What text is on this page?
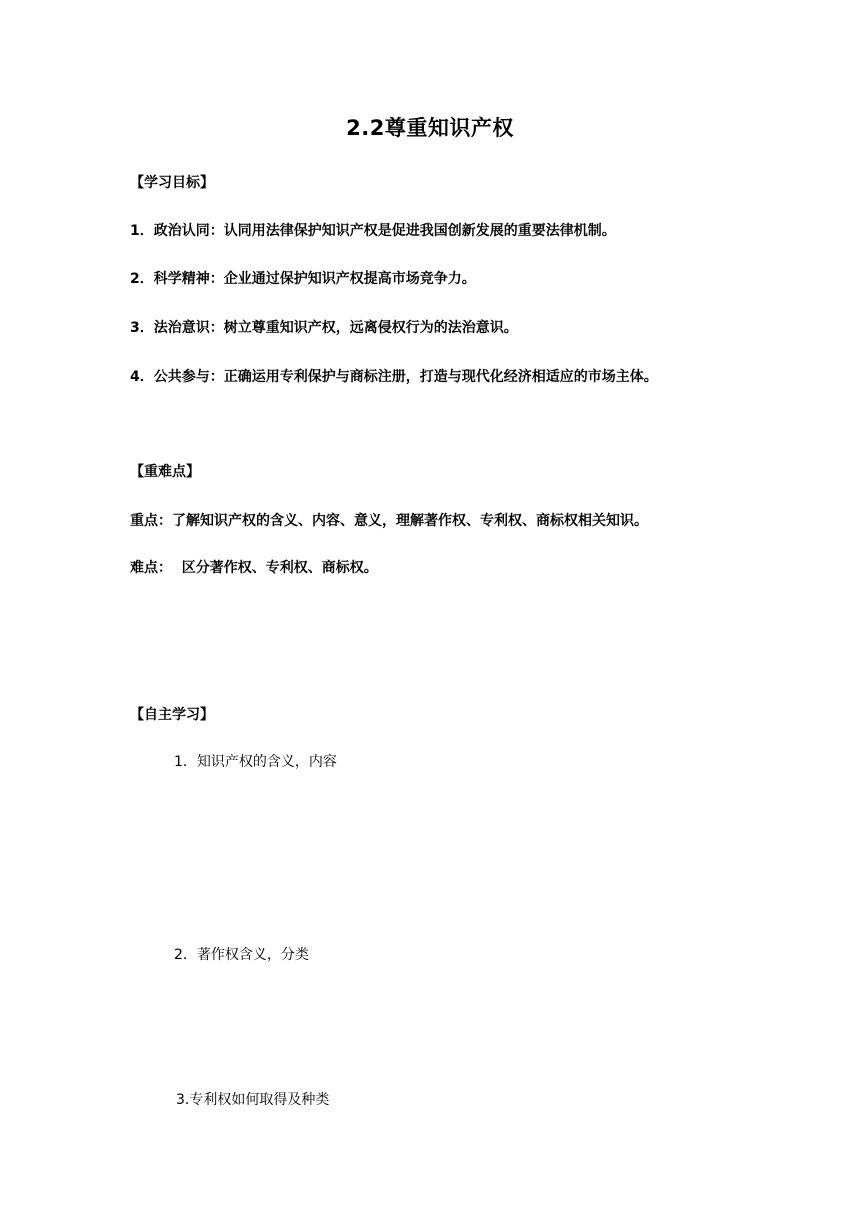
2.2尊重知识产权
【学习目标】
1．政治认同：认同用法律保护知识产权是促进我国创新发展的重要法律机制。
2．科学精神：企业通过保护知识产权提高市场竞争力。
3．法治意识：树立尊重知识产权，远离侵权行为的法治意识。
4．公共参与：正确运用专利保护与商标注册，打造与现代化经济相适应的市场主体。
【重难点】
重点：了解知识产权的含义、内容、意义，理解著作权、专利权、商标权相关知识。
难点：  区分著作权、专利权、商标权。
【自主学习】
1．知识产权的含义，内容
2．著作权含义，分类
3.专利权如何取得及种类
